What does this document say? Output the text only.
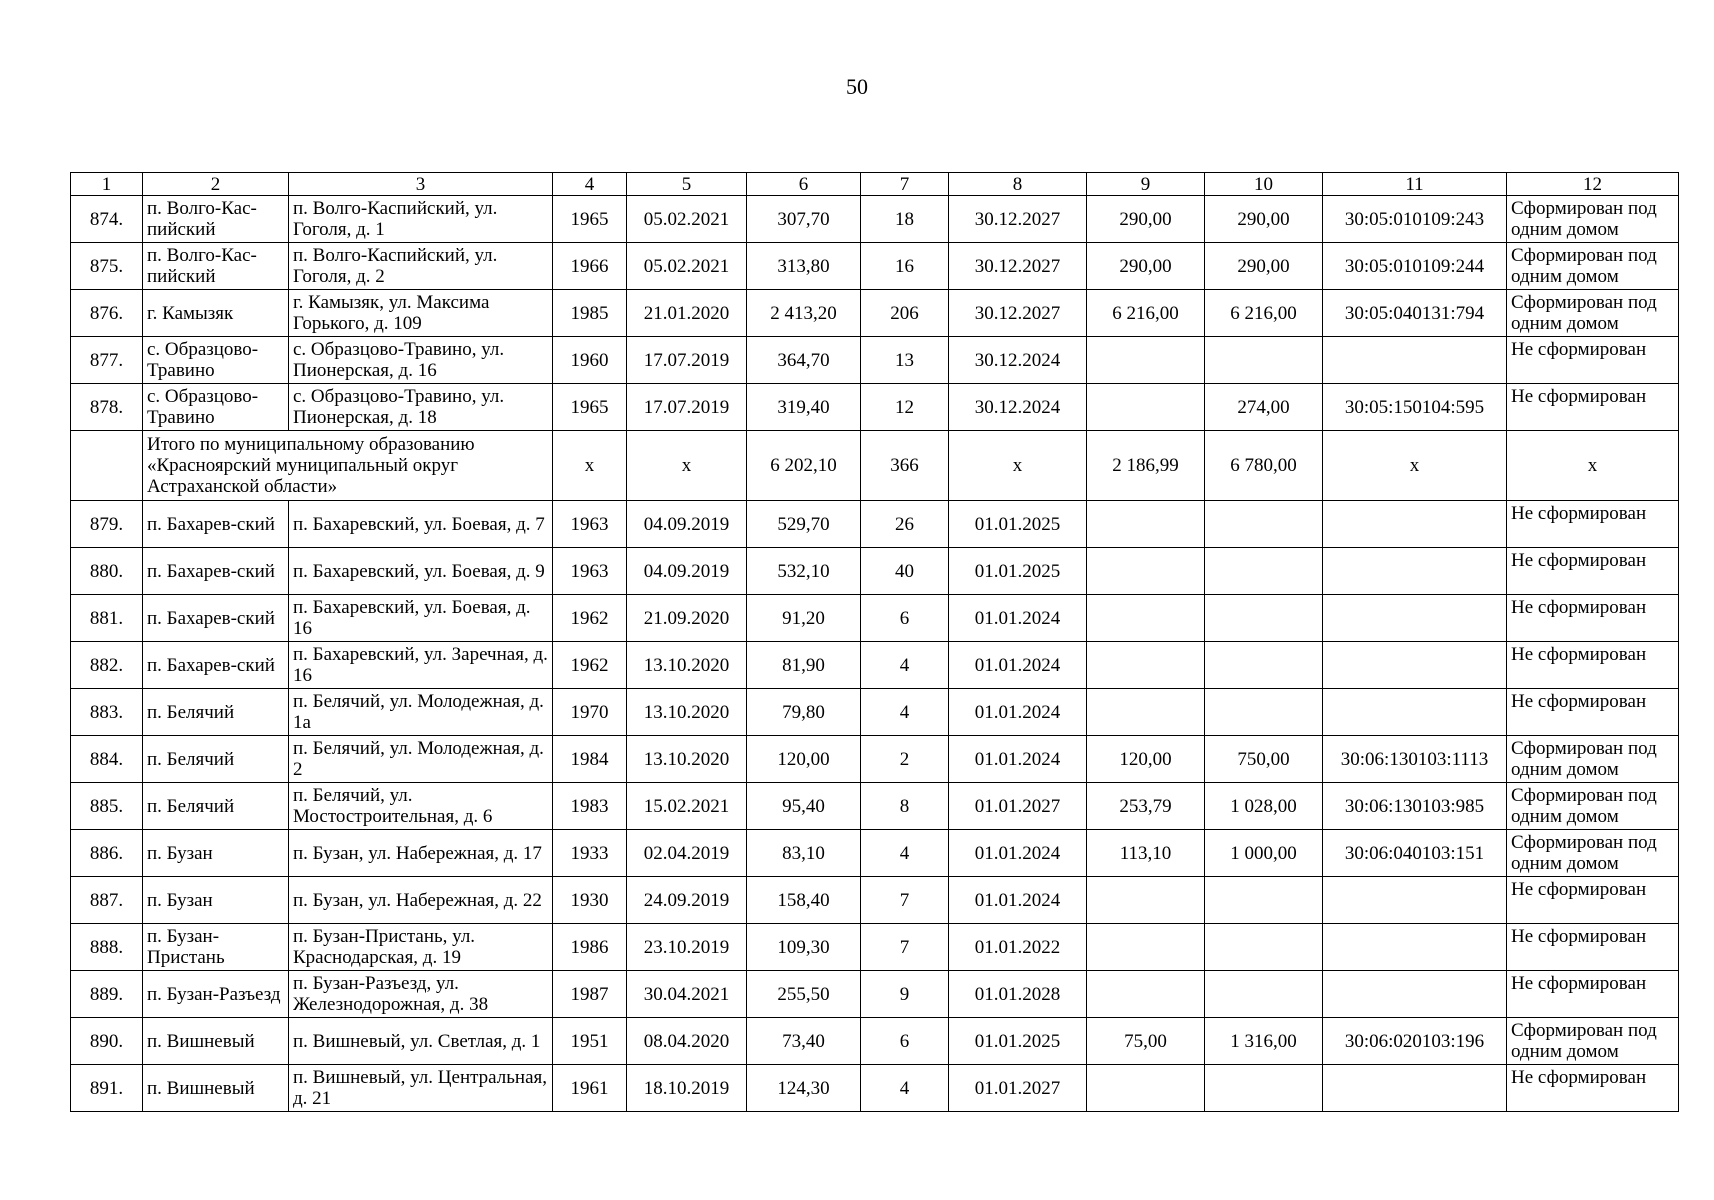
50
1	2	3	4	5	6	7	8	9	10	11	12
874.	п. Волго-Кас-пийский	п. Волго-Каспийский, ул. Гоголя, д. 1	1965	05.02.2021	307,70	18	30.12.2027	290,00	290,00	30:05:010109:243	Сформирован под одним домом
875.	п. Волго-Кас-пийский	п. Волго-Каспийский, ул. Гоголя, д. 2	1966	05.02.2021	313,80	16	30.12.2027	290,00	290,00	30:05:010109:244	Сформирован под одним домом
876.	г. Камызяк	г. Камызяк, ул. Максима Горького, д. 109	1985	21.01.2020	2 413,20	206	30.12.2027	6 216,00	6 216,00	30:05:040131:794	Сформирован под одним домом
877.	с. Образцово-Травино	с. Образцово-Травино, ул. Пионерская, д. 16	1960	17.07.2019	364,70	13	30.12.2024				Не сформирован
878.	с. Образцово-Травино	с. Образцово-Травино, ул. Пионерская, д. 18	1965	17.07.2019	319,40	12	30.12.2024		274,00	30:05:150104:595	Не сформирован
	Итого по муниципальному образованию «Красноярский муниципальный округ Астраханской области»		х	х	6 202,10	366	х	2 186,99	6 780,00	х	х
879.	п. Бахарев-ский	п. Бахаревский, ул. Боевая, д. 7	1963	04.09.2019	529,70	26	01.01.2025				Не сформирован
880.	п. Бахарев-ский	п. Бахаревский, ул. Боевая, д. 9	1963	04.09.2019	532,10	40	01.01.2025				Не сформирован
881.	п. Бахарев-ский	п. Бахаревский, ул. Боевая, д. 16	1962	21.09.2020	91,20	6	01.01.2024				Не сформирован
882.	п. Бахарев-ский	п. Бахаревский, ул. Заречная, д. 16	1962	13.10.2020	81,90	4	01.01.2024				Не сформирован
883.	п. Белячий	п. Белячий, ул. Молодежная, д. 1а	1970	13.10.2020	79,80	4	01.01.2024				Не сформирован
884.	п. Белячий	п. Белячий, ул. Молодежная, д. 2	1984	13.10.2020	120,00	2	01.01.2024	120,00	750,00	30:06:130103:1113	Сформирован под одним домом
885.	п. Белячий	п. Белячий, ул. Мостостроительная, д. 6	1983	15.02.2021	95,40	8	01.01.2027	253,79	1 028,00	30:06:130103:985	Сформирован под одним домом
886.	п. Бузан	п. Бузан, ул. Набережная, д. 17	1933	02.04.2019	83,10	4	01.01.2024	113,10	1 000,00	30:06:040103:151	Сформирован под одним домом
887.	п. Бузан	п. Бузан, ул. Набережная, д. 22	1930	24.09.2019	158,40	7	01.01.2024				Не сформирован
888.	п. Бузан-Пристань	п. Бузан-Пристань, ул. Краснодарская, д. 19	1986	23.10.2019	109,30	7	01.01.2022				Не сформирован
889.	п. Бузан-Разъезд	п. Бузан-Разъезд, ул. Железнодорожная, д. 38	1987	30.04.2021	255,50	9	01.01.2028				Не сформирован
890.	п. Вишневый	п. Вишневый, ул. Светлая, д. 1	1951	08.04.2020	73,40	6	01.01.2025	75,00	1 316,00	30:06:020103:196	Сформирован под одним домом
891.	п. Вишневый	п. Вишневый, ул. Центральная, д. 21	1961	18.10.2019	124,30	4	01.01.2027				Не сформирован
